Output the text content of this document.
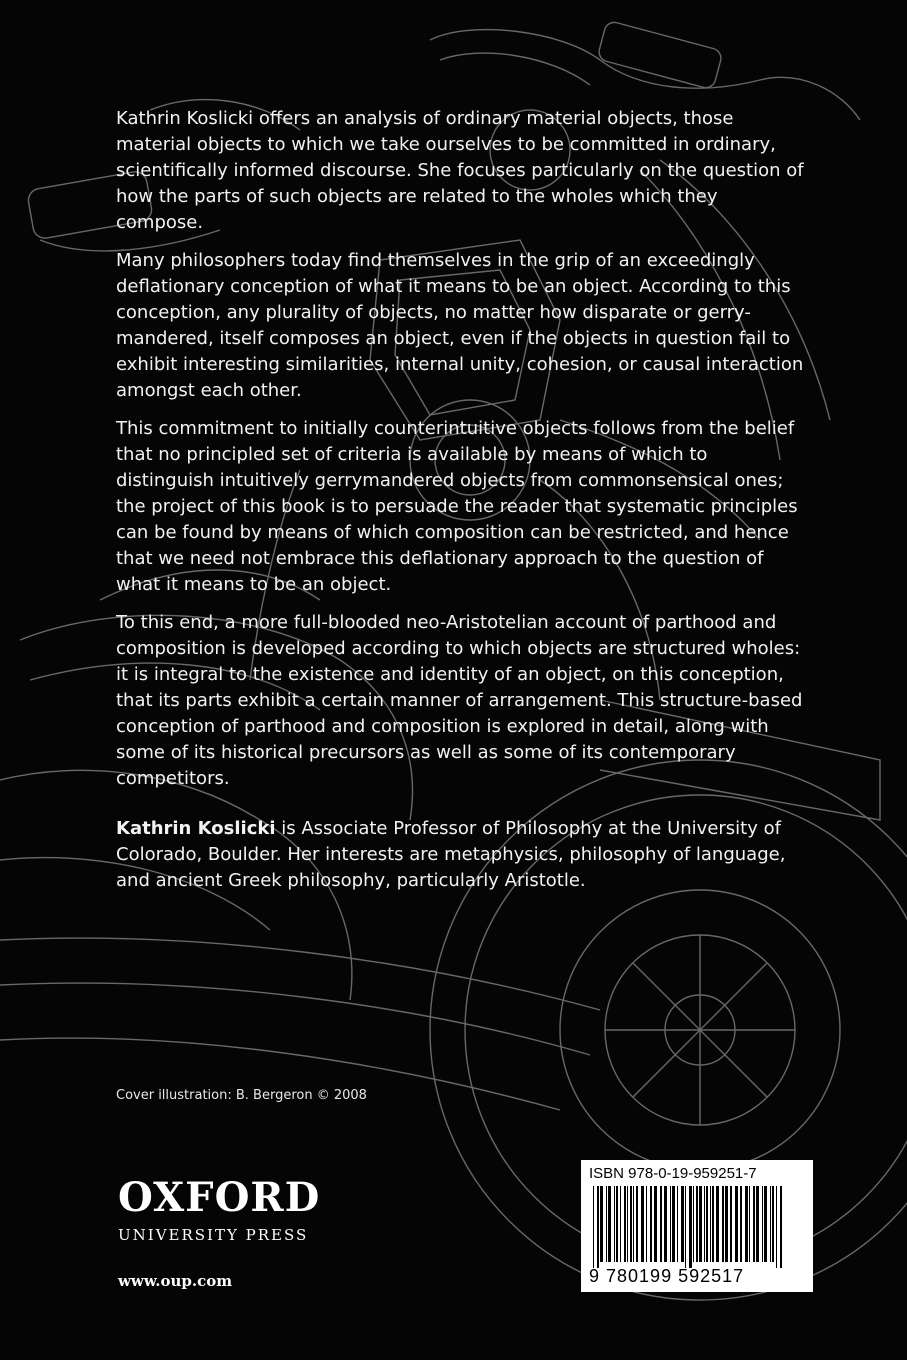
Kathrin Koslicki offers an analysis of ordinary material objects, those material objects to which we take ourselves to be committed in ordinary, scientifically informed discourse. She focuses particularly on the question of how the parts of such objects are related to the wholes which they compose.

Many philosophers today find themselves in the grip of an exceedingly deflationary conception of what it means to be an object. According to this conception, any plurality of objects, no matter how disparate or gerry-mandered, itself composes an object, even if the objects in question fail to exhibit interesting similarities, internal unity, cohesion, or causal interaction amongst each other.

This commitment to initially counterintuitive objects follows from the belief that no principled set of criteria is available by means of which to distinguish intuitively gerrymandered objects from commonsensical ones; the project of this book is to persuade the reader that systematic principles can be found by means of which composition can be restricted, and hence that we need not embrace this deflationary approach to the question of what it means to be an object.

To this end, a more full-blooded neo-Aristotelian account of parthood and composition is developed according to which objects are structured wholes: it is integral to the existence and identity of an object, on this conception, that its parts exhibit a certain manner of arrangement. This structure-based conception of parthood and composition is explored in detail, along with some of its historical precursors as well as some of its contemporary competitors.

Kathrin Koslicki is Associate Professor of Philosophy at the University of Colorado, Boulder. Her interests are metaphysics, philosophy of language, and ancient Greek philosophy, particularly Aristotle.

Cover illustration: B. Bergeron © 2008
OXFORD
UNIVERSITY PRESS
www.oup.com
ISBN 978-0-19-959251-7
9 780199 592517
